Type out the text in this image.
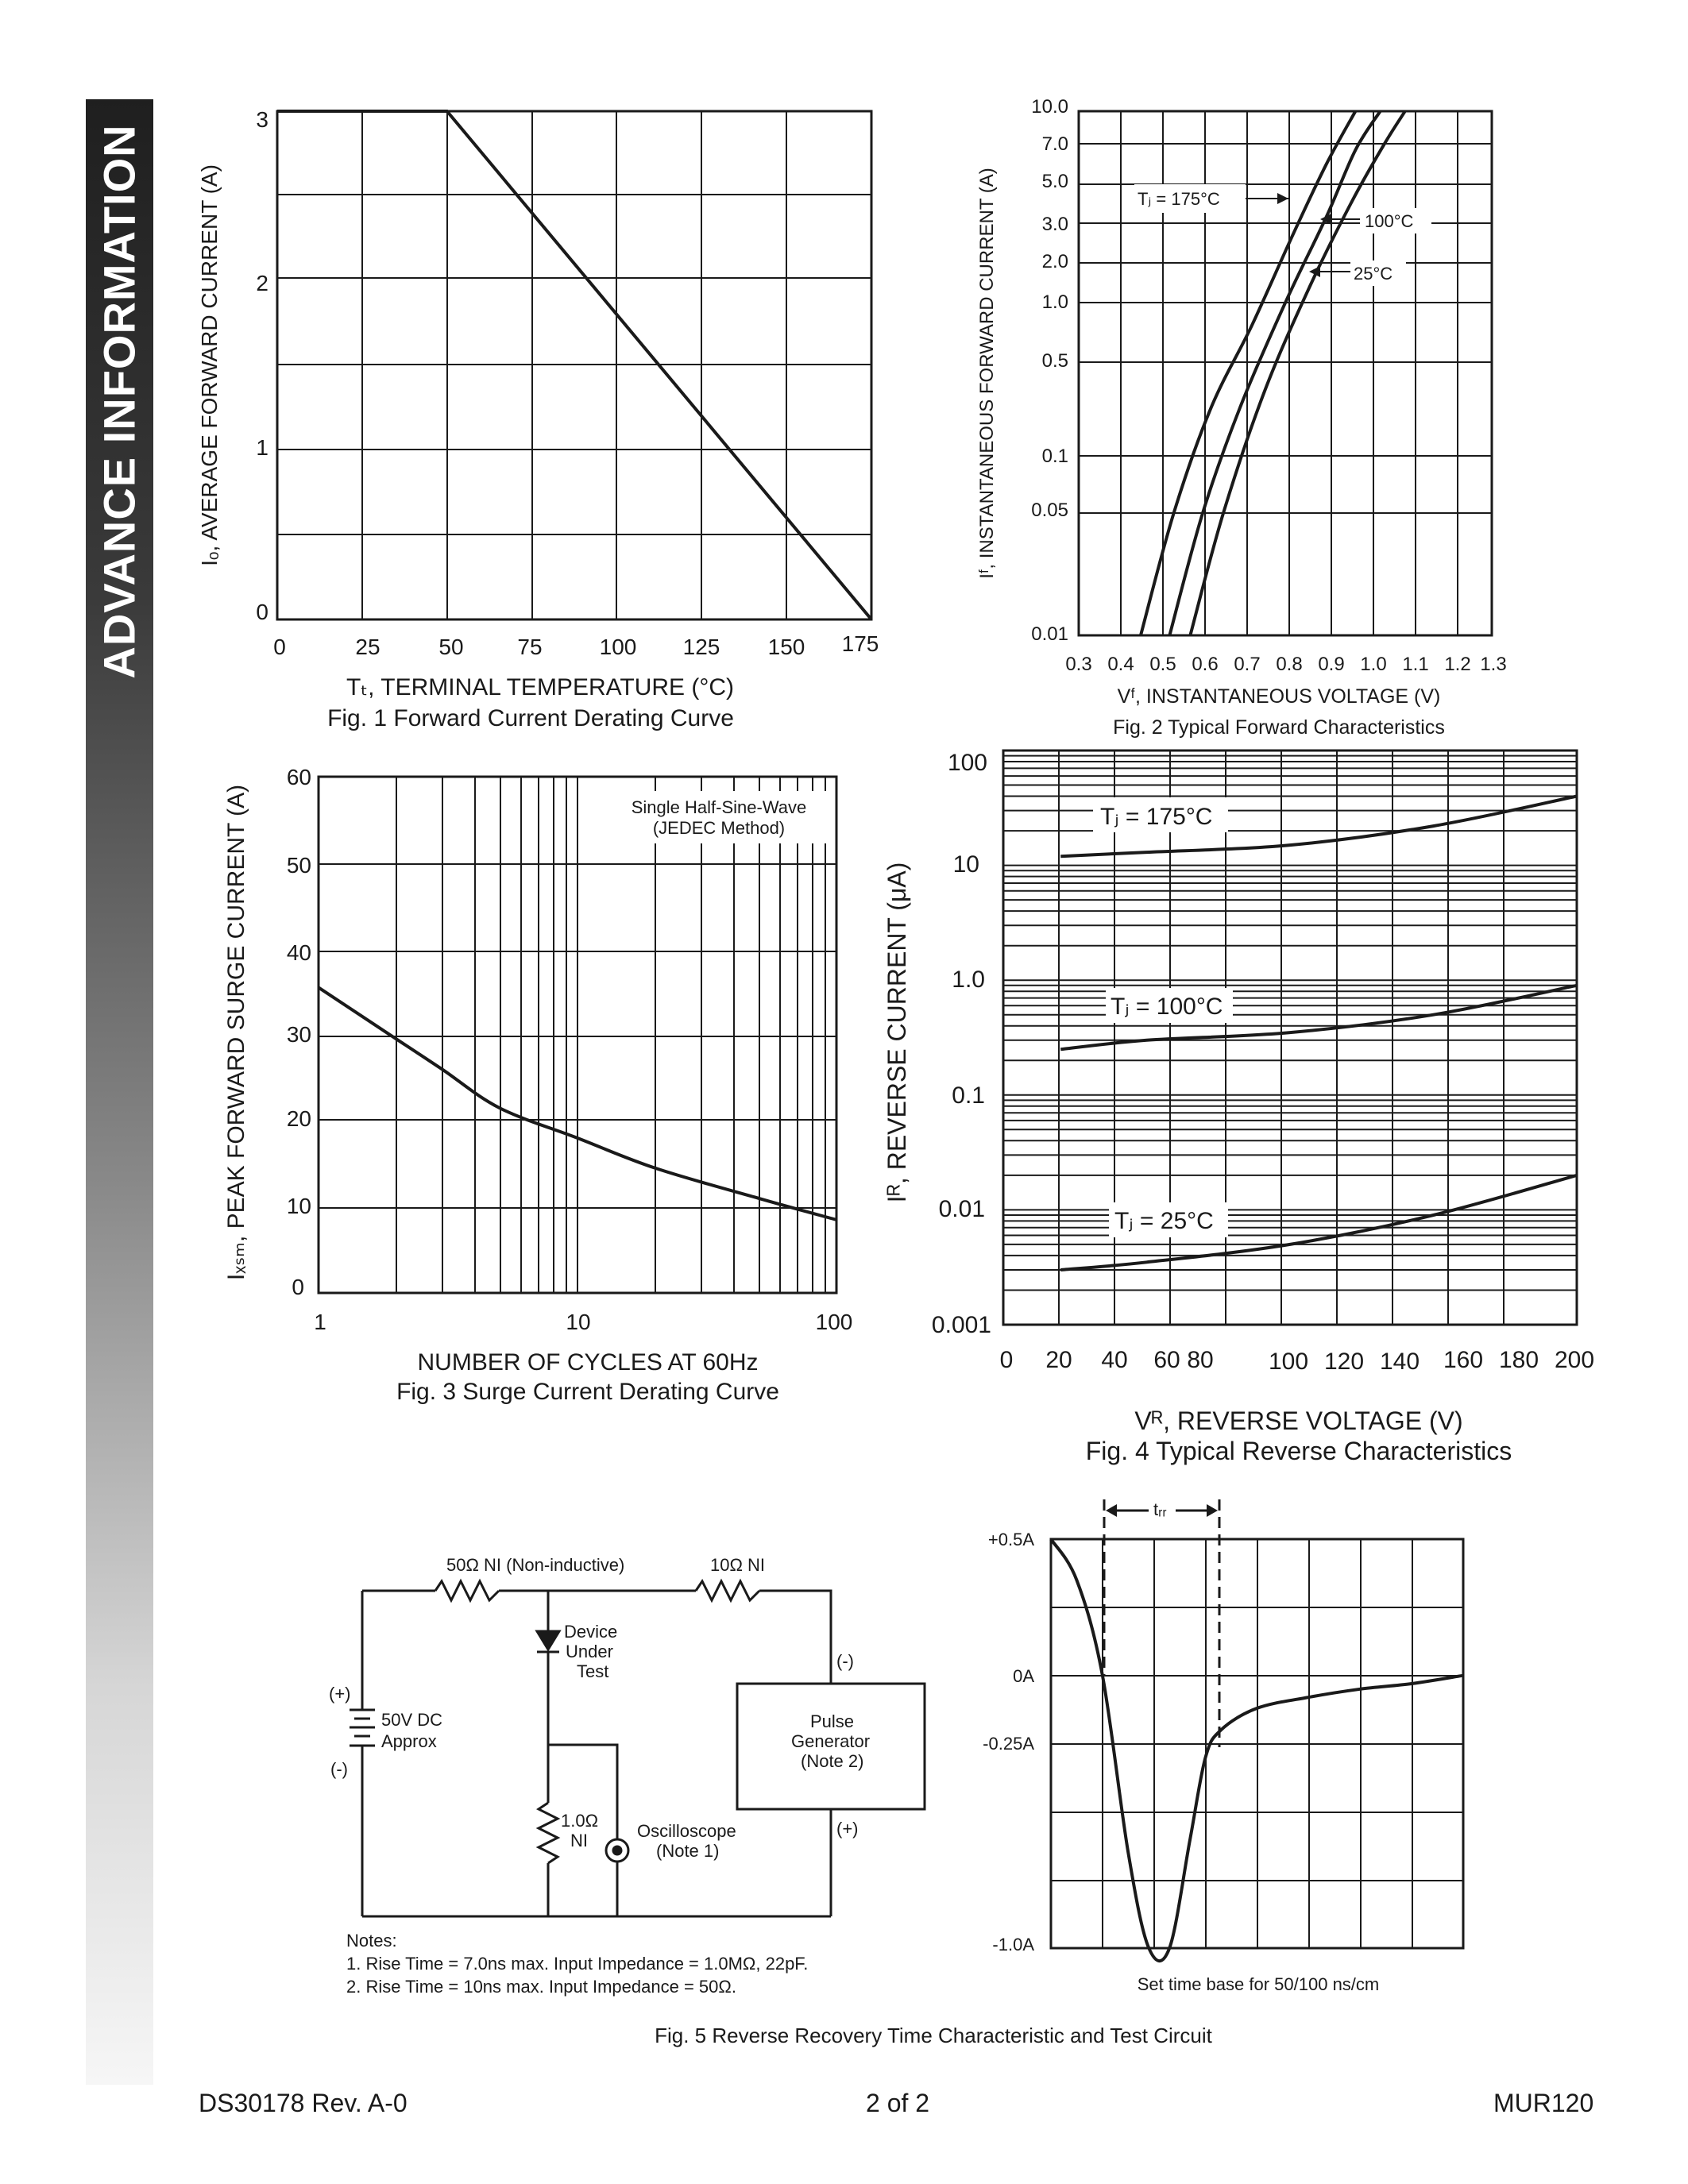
ADVANCE INFORMATION	0	25	50 75	100 125 150 175
0
1
2
3
Tₜ, TERMINAL TEMPERATURE (°C)
Fig. 1 Forward Current Derating Curve
Iₒ, AVERAGE FORWARD CURRENT (A)	Tⱼ = 175°C
100°C
25°C
10.0
7.0
5.0
3.0
2.0
1.0
0.5
0.1
0.05
0.01
0.3 0.4 0.5 0.6 0.7 0.8 0.9 1.0 1.1 1.2 1.3
Vᶠ, INSTANTANEOUS VOLTAGE (V)
Fig. 2 Typical Forward Characteristics
Iᶠ, INSTANTANEOUS FORWARD CURRENT (A)
Single Half-Sine-Wave (JEDEC Method)
0
10
20
30
40
50
60
1	10	100
NUMBER OF CYCLES AT 60Hz
Fig. 3 Surge Current Derating Curve
Iₓₛₘ, PEAK FORWARD SURGE CURRENT (A)	Tⱼ = 175°C
Tⱼ = 100°C
Tⱼ = 25°C
100
10
1.0
0.1
0.01
0.001
0 20 40 60 80 100 120 140 160 180 200
Vᴿ, REVERSE VOLTAGE (V)
Fig. 4 Typical Reverse Characteristics
Iᴿ, REVERSE CURRENT (μA)
50Ω NI (Non-inductive)	10Ω NI
Device
Under
Test
(+)
50V DC
Approx
(-)
(-)
Pulse
Generator
(Note 2)
(+)
1.0Ω
NI	Oscilloscope
(Note 1)
Notes:
1. Rise Time = 7.0ns max. Input Impedance = 1.0MΩ, 22pF.
2. Rise Time = 10ns max. Input Impedance = 50Ω.
tᵣᵣ
+0.5A
0A
-0.25A
-1.0A
Set time base for 50/100 ns/cm
Fig. 5 Reverse Recovery Time Characteristic and Test Circuit
DS30178 Rev. A-0	2 of 2	MUR120
